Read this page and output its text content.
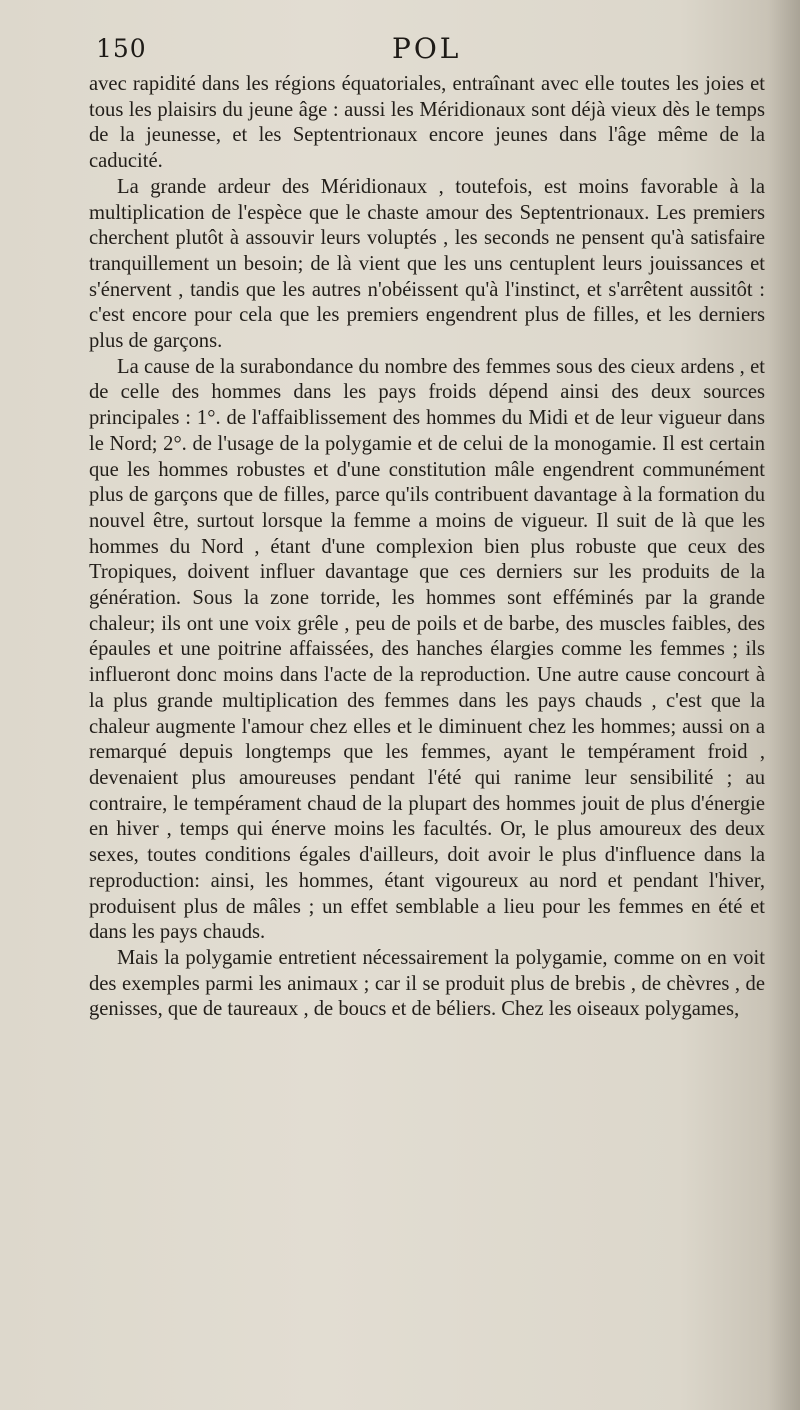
150	POL

avec rapidité dans les régions équatoriales, entraînant avec elle toutes les joies et tous les plaisirs du jeune âge : aussi les Méridionaux sont déjà vieux dès le temps de la jeunesse, et les Septentrionaux encore jeunes dans l'âge même de la caducité.

La grande ardeur des Méridionaux , toutefois, est moins favorable à la multiplication de l'espèce que le chaste amour des Septentrionaux. Les premiers cherchent plutôt à assouvir leurs voluptés , les seconds ne pensent qu'à satisfaire tranquillement un besoin; de là vient que les uns centuplent leurs jouissances et s'énervent , tandis que les autres n'obéissent qu'à l'instinct, et s'arrêtent aussitôt : c'est encore pour cela que les premiers engendrent plus de filles, et les derniers plus de garçons.

La cause de la surabondance du nombre des femmes sous des cieux ardens , et de celle des hommes dans les pays froids dépend ainsi des deux sources principales : 1°. de l'affaiblissement des hommes du Midi et de leur vigueur dans le Nord; 2°. de l'usage de la polygamie et de celui de la monogamie. Il est certain que les hommes robustes et d'une constitution mâle engendrent communément plus de garçons que de filles, parce qu'ils contribuent davantage à la formation du nouvel être, surtout lorsque la femme a moins de vigueur. Il suit de là que les hommes du Nord , étant d'une complexion bien plus robuste que ceux des Tropiques, doivent influer davantage que ces derniers sur les produits de la génération. Sous la zone torride, les hommes sont efféminés par la grande chaleur; ils ont une voix grêle , peu de poils et de barbe, des muscles faibles, des épaules et une poitrine affaissées, des hanches élargies comme les femmes ; ils influeront donc moins dans l'acte de la reproduction. Une autre cause concourt à la plus grande multiplication des femmes dans les pays chauds , c'est que la chaleur augmente l'amour chez elles et le diminuent chez les hommes; aussi on a remarqué depuis longtemps que les femmes, ayant le tempérament froid , devenaient plus amoureuses pendant l'été qui ranime leur sensibilité ; au contraire, le tempérament chaud de la plupart des hommes jouit de plus d'énergie en hiver , temps qui énerve moins les facultés. Or, le plus amoureux des deux sexes, toutes conditions égales d'ailleurs, doit avoir le plus d'influence dans la reproduction: ainsi, les hommes, étant vigoureux au nord et pendant l'hiver, produisent plus de mâles ; un effet semblable a lieu pour les femmes en été et dans les pays chauds.

Mais la polygamie entretient nécessairement la polygamie, comme on en voit des exemples parmi les animaux ; car il se produit plus de brebis , de chèvres , de genisses, que de taureaux , de boucs et de béliers. Chez les oiseaux polygames,
